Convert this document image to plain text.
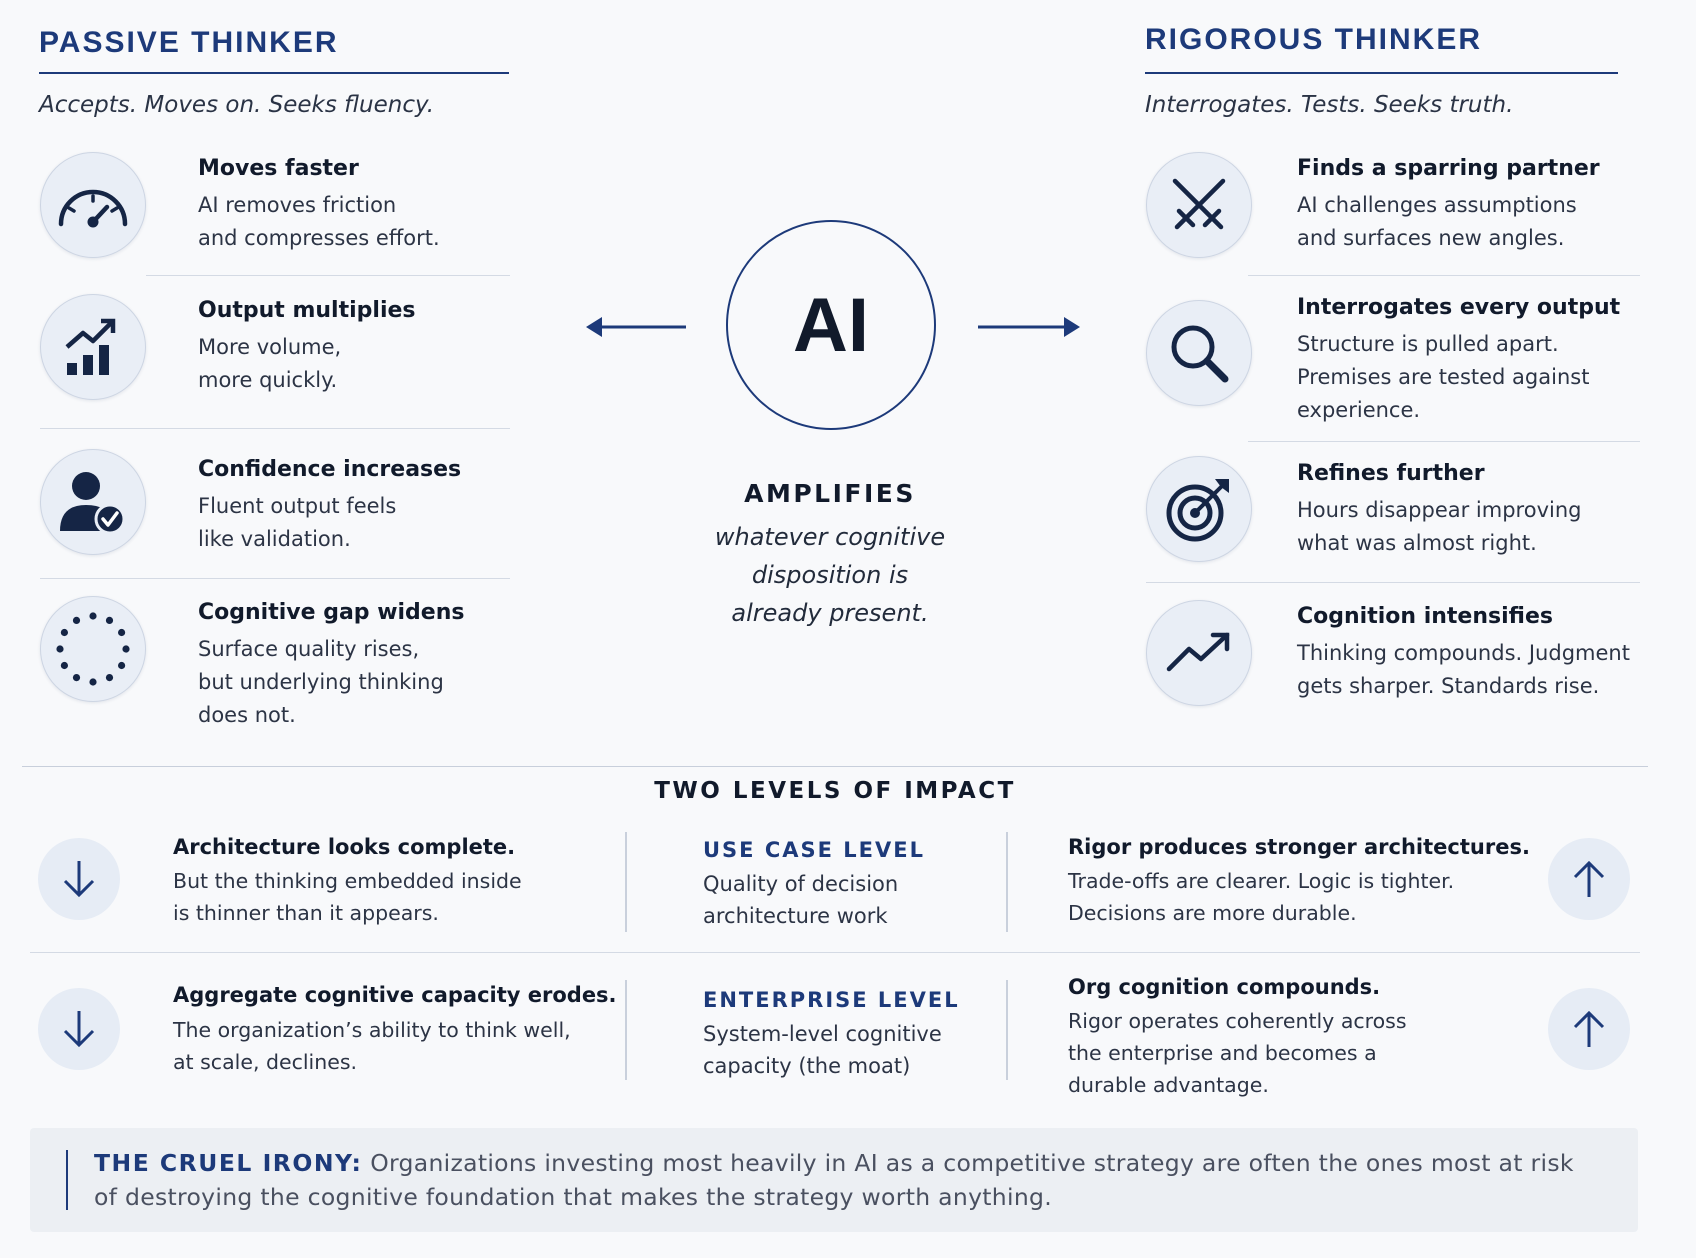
PASSIVE THINKER
Accepts. Moves on. Seeks fluency.
Moves faster
AI removes friction
and compresses effort.
Output multiplies
More volume,
more quickly.
Confidence increases
Fluent output feels
like validation.
Cognitive gap widens
Surface quality rises,
but underlying thinking
does not.
AI
AMPLIFIES
whatever cognitive
disposition is
already present.
RIGOROUS THINKER
Interrogates. Tests. Seeks truth.
Finds a sparring partner
AI challenges assumptions
and surfaces new angles.
Interrogates every output
Structure is pulled apart.
Premises are tested against
experience.
Refines further
Hours disappear improving
what was almost right.
Cognition intensifies
Thinking compounds. Judgment
gets sharper. Standards rise.
TWO LEVELS OF IMPACT
Architecture looks complete.
But the thinking embedded inside
is thinner than it appears.
USE CASE LEVEL
Quality of decision
architecture work
Rigor produces stronger architectures.
Trade-offs are clearer. Logic is tighter.
Decisions are more durable.
Aggregate cognitive capacity erodes.
The organization’s ability to think well,
at scale, declines.
ENTERPRISE LEVEL
System-level cognitive
capacity (the moat)
Org cognition compounds.
Rigor operates coherently across
the enterprise and becomes a
durable advantage.
THE CRUEL IRONY: Organizations investing most heavily in AI as a competitive strategy are often the ones most at risk of destroying the cognitive foundation that makes the strategy worth anything.
